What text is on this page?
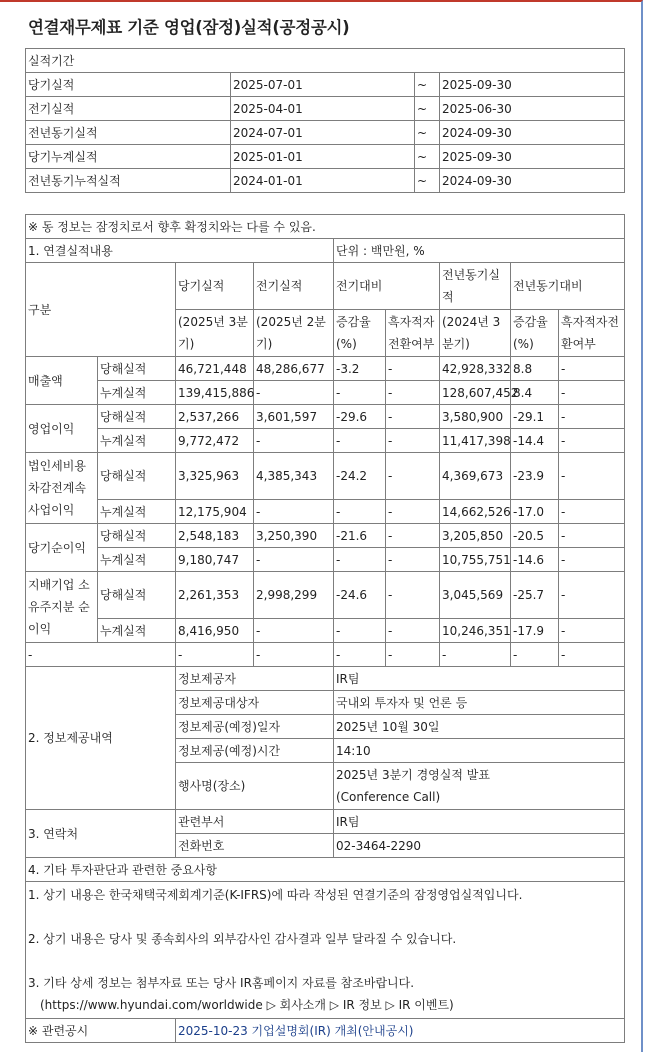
연결재무제표 기준 영업(잠정)실적(공정공시)
실적기간			
당기실적	2025-07-01	~	2025-09-30
전기실적	2025-04-01	~	2025-06-30
전년동기실적	2024-07-01	~	2024-09-30
당기누계실적	2025-01-01	~	2025-09-30
전년동기누적실적	2024-01-01	~	2024-09-30
※ 동 정보는 잠정치로서 향후 확정치와는 다를 수 있음.								
1. 연결실적내용				단위 : 백만원, %				
구분		당기실적	전기실적	전기대비		전년동기실적	전년동기대비	
		(2025년 3분기)	(2025년 2분기)	증감율(%)	흑자적자전환여부	(2024년 3분기)	증감율(%)	흑자적자전환여부
매출액	당해실적	46,721,448	48,286,677	-3.2	-	42,928,332	8.8	-
	누계실적	139,415,886	-	-	-	128,607,452	8.4	-
영업이익	당해실적	2,537,266	3,601,597	-29.6	-	3,580,900	-29.1	-
	누계실적	9,772,472	-	-	-	11,417,398	-14.4	-
법인세비용차감전계속사업이익	당해실적	3,325,963	4,385,343	-24.2	-	4,369,673	-23.9	-
	누계실적	12,175,904	-	-	-	14,662,526	-17.0	-
당기순이익	당해실적	2,548,183	3,250,390	-21.6	-	3,205,850	-20.5	-
	누계실적	9,180,747	-	-	-	10,755,751	-14.6	-
지배기업 소유주지분 순이익	당해실적	2,261,353	2,998,299	-24.6	-	3,045,569	-25.7	-
	누계실적	8,416,950	-	-	-	10,246,351	-17.9	-
-		-	-	-	-	-	-	-
2. 정보제공내역		정보제공자		IR팀				
		정보제공대상자		국내외 투자자 및 언론 등				
		정보제공(예정)일자		2025년 10월 30일				
		정보제공(예정)시간		14:10				
		행사명(장소)		2025년 3분기 경영실적 발표
(Conference Call)				

3. 연락처		관련부서		IR팀				
		전화번호		02-3464-2290				
4. 기타 투자판단과 관련한 중요사항								

1. 상기 내용은 한국채택국제회계기준(K-IFRS)에 따라 작성된 연결기준의 잠정영업실적입니다.
2. 상기 내용은 당사 및 종속회사의 외부감사인 감사결과 일부 달라질 수 있습니다.
3. 기타 상세 정보는 첨부자료 또는 당사 IR홈페이지 자료를 참조바랍니다.
(https://www.hyundai.com/worldwide ▷ 회사소개 ▷ IR 정보 ▷ IR 이벤트)								

※ 관련공시		2025-10-23 기업설명회(IR) 개최(안내공시)						
